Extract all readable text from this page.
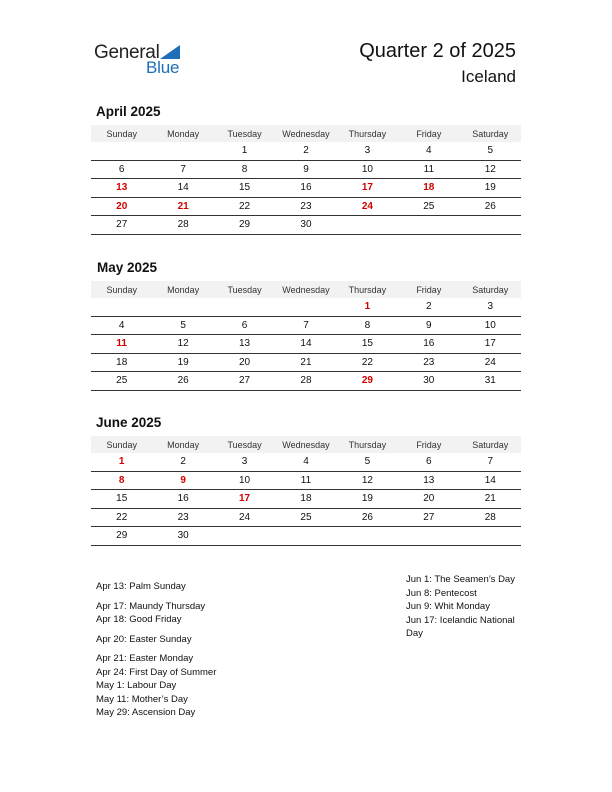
General
Blue
Quarter 2 of 2025
Iceland
April 2025
Sunday	Monday	Tuesday	Wednesday	Thursday	Friday	Saturday
		1	2	3	4	5
6	7	8	9	10	11	12
13	14	15	16	17	18	19
20	21	22	23	24	25	26
27	28	29	30			
May 2025
Sunday	Monday	Tuesday	Wednesday	Thursday	Friday	Saturday
				1	2	3
4	5	6	7	8	9	10
11	12	13	14	15	16	17
18	19	20	21	22	23	24
25	26	27	28	29	30	31
June 2025
Sunday	Monday	Tuesday	Wednesday	Thursday	Friday	Saturday
1	2	3	4	5	6	7
8	9	10	11	12	13	14
15	16	17	18	19	20	21
22	23	24	25	26	27	28
29	30					
Apr 13: Palm Sunday
Apr 17: Maundy Thursday
Apr 18: Good Friday
Apr 20: Easter Sunday
Apr 21: Easter Monday
Apr 24: First Day of Summer
May 1: Labour Day
May 11: Mother’s Day
May 29: Ascension Day
Jun 1: The Seamen’s Day
Jun 8: Pentecost
Jun 9: Whit Monday
Jun 17: Icelandic National Day
